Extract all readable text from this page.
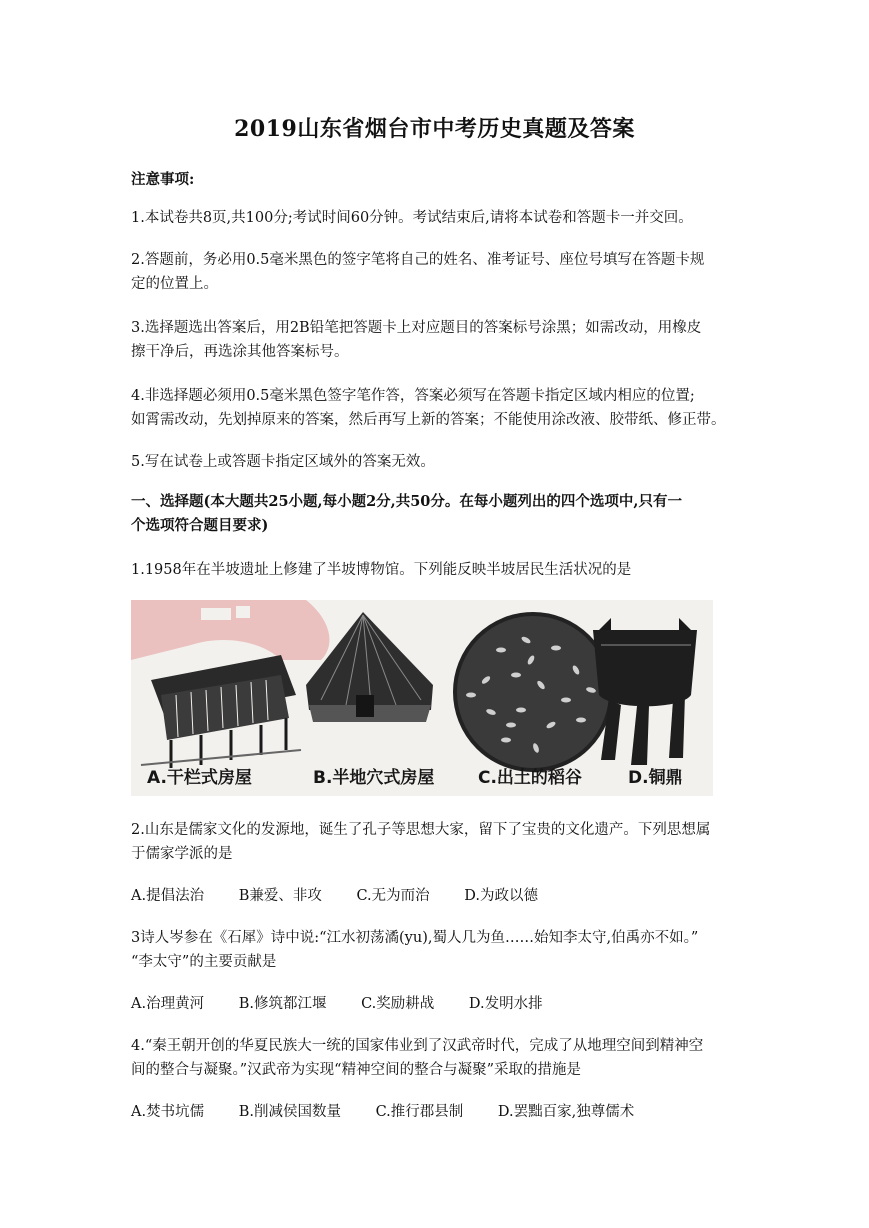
2019山东省烟台市中考历史真题及答案
注意事项:
1.本试卷共8页,共100分;考试时间60分钟。考试结束后,请将本试卷和答题卡一并交回。
2.答题前，务必用0.5毫米黑色的签字笔将自己的姓名、准考证号、座位号填写在答题卡规
定的位置上。
3.选择题选出答案后，用2B铅笔把答题卡上对应题目的答案标号涂黑；如需改动，用橡皮
擦干净后，再选涂其他答案标号。
4.非选择题必须用0.5毫米黑色签字笔作答，答案必须写在答题卡指定区域内相应的位置;
如霄需改动，先划掉原来的答案，然后再写上新的答案；不能使用涂改液、胶带纸、修正带。
5.写在试卷上或答题卡指定区域外的答案无效。
一、选择题(本大题共25小题,每小题2分,共50分。在每小题列出的四个选项中,只有一
个选项符合题目要求)
1.1958年在半坡遗址上修建了半坡博物馆。下列能反映半坡居民生活状况的是
A.干栏式房屋	B.半地穴式房屋	C.出土的稻谷	D.铜鼎
2.山东是儒家文化的发源地，诞生了孔子等思想大家，留下了宝贵的文化遗产。下列思想属
于儒家学派的是
A.提倡法治 B兼爱、非攻 C.无为而治 D.为政以德
3诗人岑参在《石犀》诗中说:“江水初荡潏(yu),蜀人几为鱼……始知李太守,伯禹亦不如。”
“李太守”的主要贡献是
A.治理黄河 B.修筑都江堰 C.奖励耕战 D.发明水排
4.“秦王朝开创的华夏民族大一统的国家伟业到了汉武帝时代，完成了从地理空间到精神空
间的整合与凝聚。”汉武帝为实现“精神空间的整合与凝聚”采取的措施是
A.焚书坑儒 B.削减侯国数量 C.推行郡县制 D.罢黜百家,独尊儒术
